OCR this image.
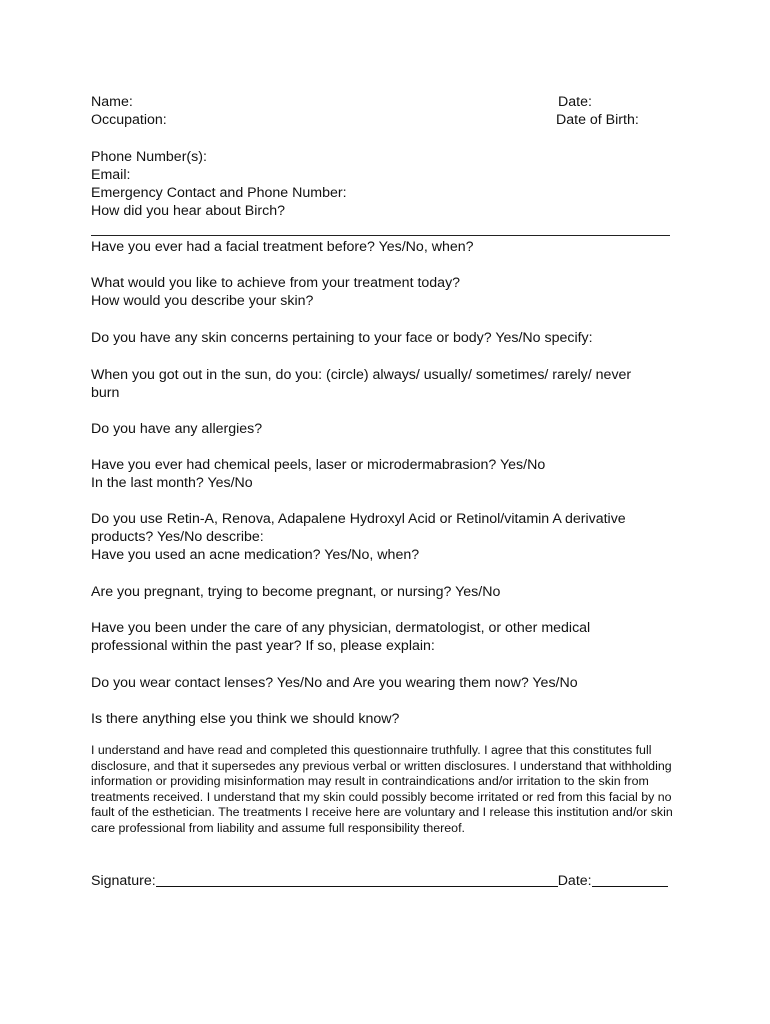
Name:	Date:
Occupation:	Date of Birth:
Phone Number(s):
Email:
Emergency Contact and Phone Number:
How did you hear about Birch?
Have you ever had a facial treatment before? Yes/No, when?
What would you like to achieve from your treatment today?
How would you describe your skin?
Do you have any skin concerns pertaining to your face or body? Yes/No specify:
When you got out in the sun, do you: (circle) always/ usually/ sometimes/ rarely/ never
burn
Do you have any allergies?
Have you ever had chemical peels, laser or microdermabrasion? Yes/No
In the last month? Yes/No
Do you use Retin-A, Renova, Adapalene Hydroxyl Acid or Retinol/vitamin A derivative
products? Yes/No describe:
Have you used an acne medication? Yes/No, when?
Are you pregnant, trying to become pregnant, or nursing? Yes/No
Have you been under the care of any physician, dermatologist, or other medical
professional within the past year? If so, please explain:
Do you wear contact lenses? Yes/No and Are you wearing them now? Yes/No
Is there anything else you think we should know?
I understand and have read and completed this questionnaire truthfully. I agree that this constitutes full disclosure, and that it supersedes any previous verbal or written disclosures. I understand that withholding information or providing misinformation may result in contraindications and/or irritation to the skin from treatments received. I understand that my skin could possibly become irritated or red from this facial by no fault of the esthetician. The treatments I receive here are voluntary and I release this institution and/or skin care professional from liability and assume full responsibility thereof.
Signature:	Date:
